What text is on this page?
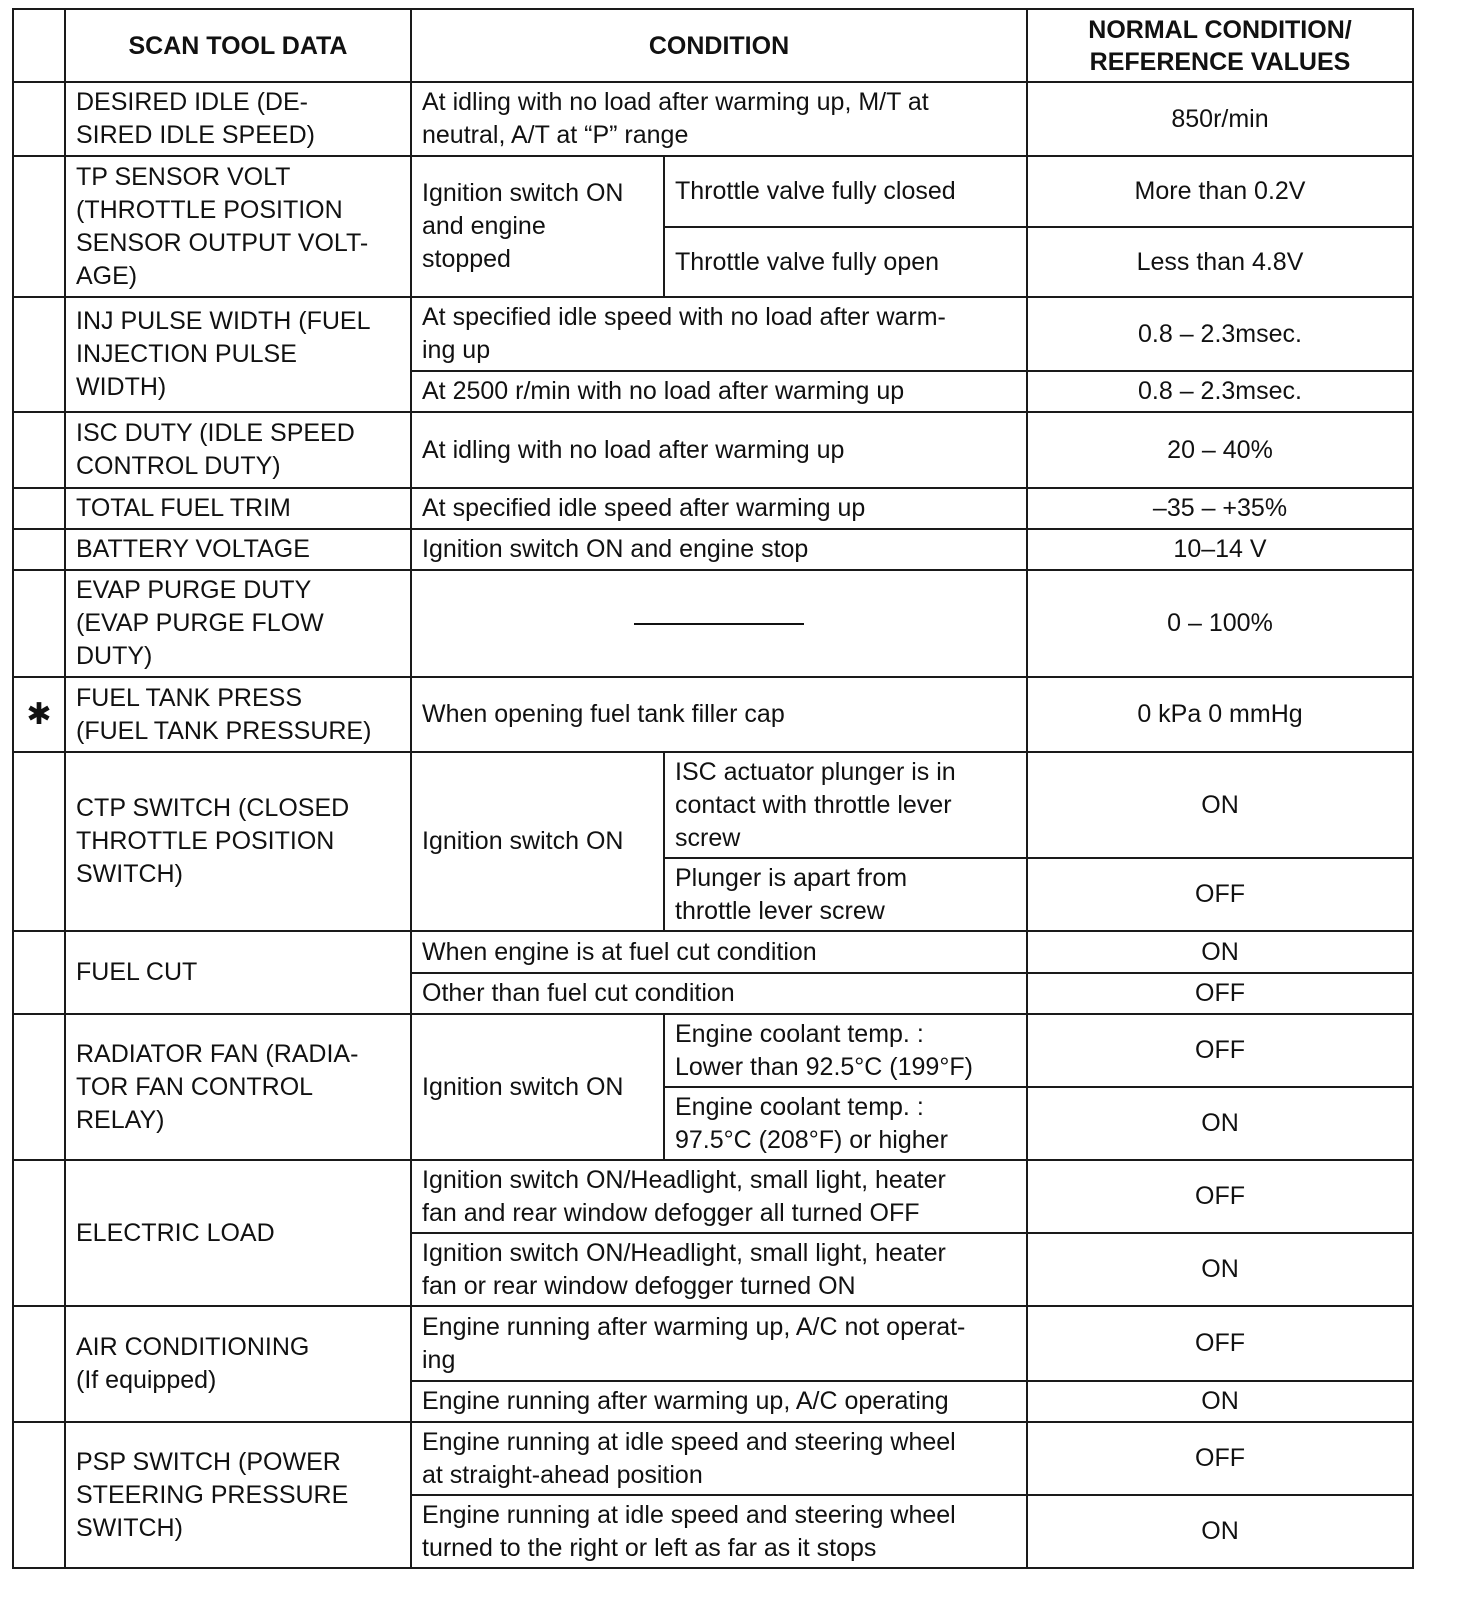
	SCAN TOOL DATA	CONDITION		NORMAL CONDITION/
REFERENCE VALUES
	DESIRED IDLE (DE-
SIRED IDLE SPEED)	At idling with no load after warming up, M/T at
neutral, A/T at “P” range		850r/min
	TP SENSOR VOLT
(THROTTLE POSITION
SENSOR OUTPUT VOLT-
AGE)	Ignition switch ON
and engine
stopped	Throttle valve fully closed	More than 0.2V
			Throttle valve fully open	Less than 4.8V
	INJ PULSE WIDTH (FUEL
INJECTION PULSE
WIDTH)	At specified idle speed with no load after warm-
ing up		0.8 – 2.3msec.
		At 2500 r/min with no load after warming up		0.8 – 2.3msec.
	ISC DUTY (IDLE SPEED
CONTROL DUTY)	At idling with no load after warming up		20 – 40%
	TOTAL FUEL TRIM	At specified idle speed after warming up		–35 – +35%
	BATTERY VOLTAGE	Ignition switch ON and engine stop		10–14 V
	EVAP PURGE DUTY
(EVAP PURGE FLOW
DUTY)			0 – 100%
✱	FUEL TANK PRESS
(FUEL TANK PRESSURE)	When opening fuel tank filler cap		0 kPa 0 mmHg
	CTP SWITCH (CLOSED
THROTTLE POSITION
SWITCH)	Ignition switch ON	ISC actuator plunger is in
contact with throttle lever
screw	ON
			Plunger is apart from
throttle lever screw	OFF
	FUEL CUT	When engine is at fuel cut condition		ON
		Other than fuel cut condition		OFF
	RADIATOR FAN (RADIA-
TOR FAN CONTROL
RELAY)	Ignition switch ON	Engine coolant temp. :
Lower than 92.5°C (199°F)	OFF
			Engine coolant temp. :
97.5°C (208°F) or higher	ON
	ELECTRIC LOAD	Ignition switch ON/Headlight, small light, heater
fan and rear window defogger all turned OFF		OFF
		Ignition switch ON/Headlight, small light, heater
fan or rear window defogger turned ON		ON
	AIR CONDITIONING
(If equipped)	Engine running after warming up, A/C not operat-
ing		OFF
		Engine running after warming up, A/C operating		ON
	PSP SWITCH (POWER
STEERING PRESSURE
SWITCH)	Engine running at idle speed and steering wheel
at straight-ahead position		OFF
		Engine running at idle speed and steering wheel
turned to the right or left as far as it stops		ON
